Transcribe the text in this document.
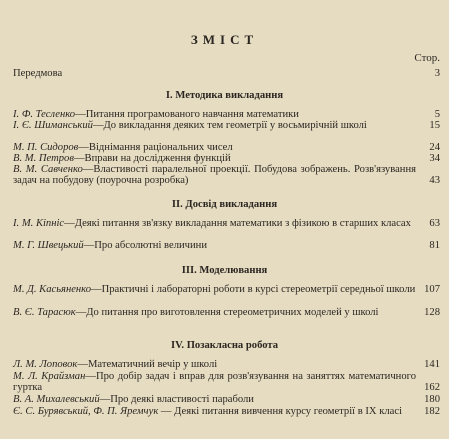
ЗМІСТ
Стор.
Передмова	3
I. Методика викладання
І. Ф. Тесленко—Питання програмованого навчання математики	5
І. Є. Шиманський—До викладання деяких тем геометрії у восьмирічній школі	15
М. П. Сидоров—Віднімання раціональних чисел	24
В. М. Петров—Вправи на дослідження функцій	34
В. М. Савченко—Властивості паралельної проекції. Побудова зображень. Розв'язування задач на побудову (поурочна розробка)	43
II. Досвід викладання
І. М. Кіпніс—Деякі питання зв'язку викладання математики з фізикою в старших класах	63
М. Г. Швецький—Про абсолютні величини	81
III. Моделювання
М. Д. Касьяненко—Практичні і лабораторні роботи в курсі стереометрії середньої школи 107
В. Є. Тарасюк—До питання про виготовлення стереометричних моделей у школі	128
IV. Позакласна робота
Л. М. Лоповок—Математичний вечір у школі	141
М. Л. Крайзман—Про добір задач і вправ для розв'язування на заняттях математичного гуртка	162
В. А. Михалевський—Про деякі властивості параболи	180
Є. С. Бурявський, Ф. П. Яремчук — Деякі питання вивчення курсу геометрії в IX класі	182
